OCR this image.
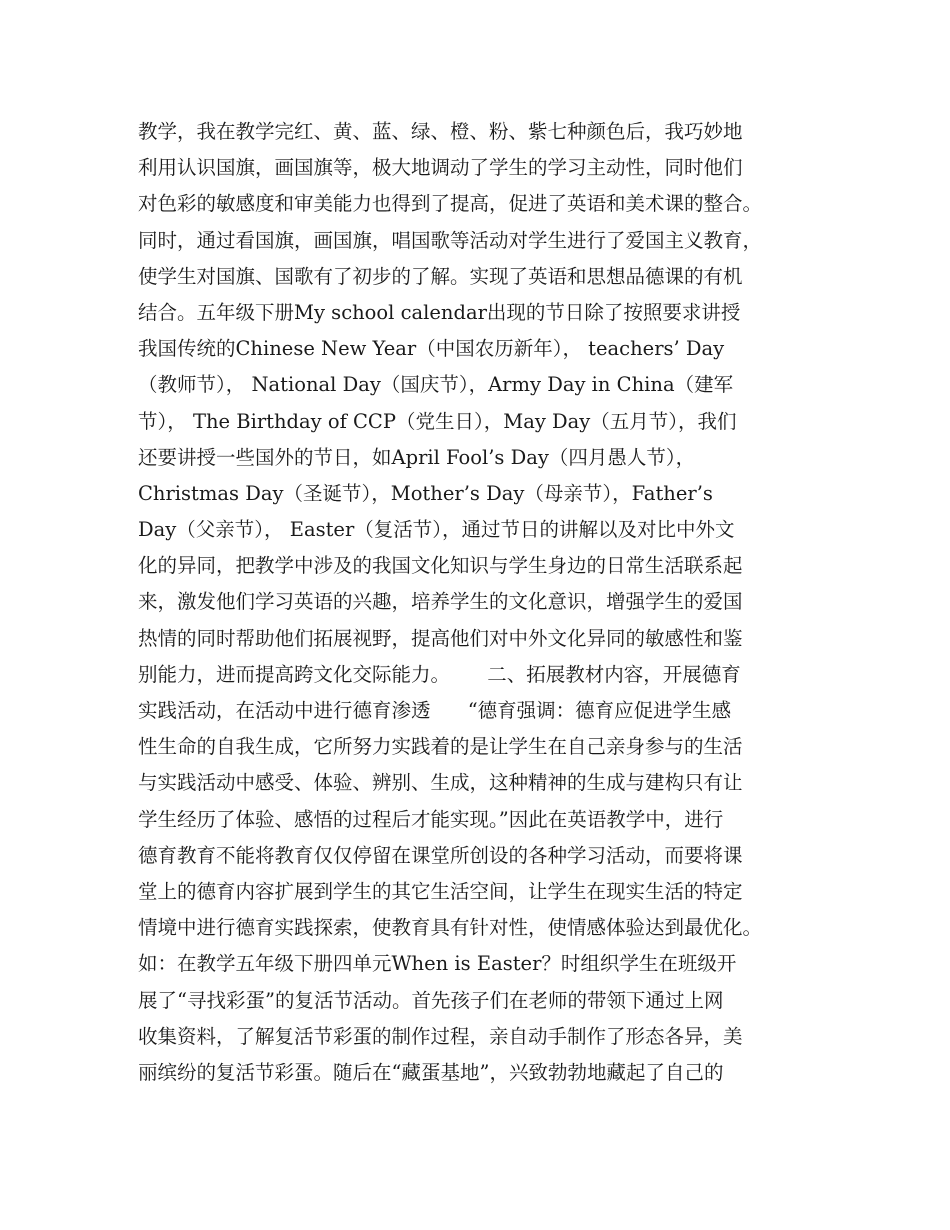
教学，我在教学完红、黄、蓝、绿、橙、粉、紫七种颜色后，我巧妙地
利用认识国旗，画国旗等，极大地调动了学生的学习主动性，同时他们
对色彩的敏感度和审美能力也得到了提高，促进了英语和美术课的整合。
同时，通过看国旗，画国旗，唱国歌等活动对学生进行了爱国主义教育，
使学生对国旗、国歌有了初步的了解。实现了英语和思想品德课的有机
结合。五年级下册My school calendar出现的节日除了按照要求讲授
我国传统的Chinese New Year（中国农历新年）， teachers’ Day
（教师节）， National Day（国庆节），Army Day in China（建军
节）， The Birthday of CCP（党生日），May Day（五月节），我们
还要讲授一些国外的节日，如April Fool’s Day（四月愚人节），
Christmas Day（圣诞节），Mother’s Day（母亲节），Father’s
Day（父亲节）， Easter（复活节），通过节日的讲解以及对比中外文
化的异同，把教学中涉及的我国文化知识与学生身边的日常生活联系起
来，激发他们学习英语的兴趣，培养学生的文化意识，增强学生的爱国
热情的同时帮助他们拓展视野，提高他们对中外文化异同的敏感性和鉴
别能力，进而提高跨文化交际能力。      二、拓展教材内容，开展德育
实践活动，在活动中进行德育渗透      “德育强调：德育应促进学生感
性生命的自我生成，它所努力实践着的是让学生在自己亲身参与的生活
与实践活动中感受、体验、辨别、生成，这种精神的生成与建构只有让
学生经历了体验、感悟的过程后才能实现。”因此在英语教学中，进行
德育教育不能将教育仅仅停留在课堂所创设的各种学习活动，而要将课
堂上的德育内容扩展到学生的其它生活空间，让学生在现实生活的特定
情境中进行德育实践探索，使教育具有针对性，使情感体验达到最优化。
如：在教学五年级下册四单元When is Easter？时组织学生在班级开
展了“寻找彩蛋”的复活节活动。首先孩子们在老师的带领下通过上网
收集资料，了解复活节彩蛋的制作过程，亲自动手制作了形态各异，美
丽缤纷的复活节彩蛋。随后在“藏蛋基地”，兴致勃勃地藏起了自己的
